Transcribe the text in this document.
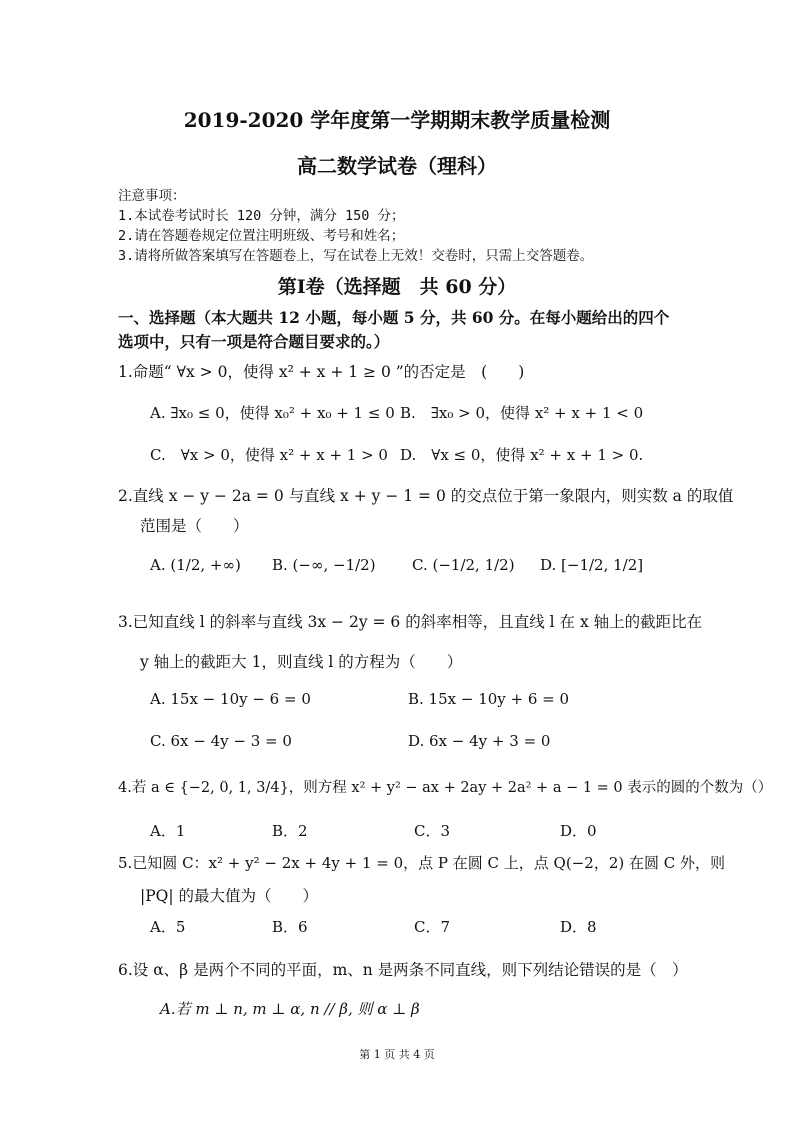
2019-2020 学年度第一学期期末教学质量检测
高二数学试卷（理科）
注意事项：
1.本试卷考试时长 120 分钟，满分 150 分；
2.请在答题卷规定位置注明班级、考号和姓名；
3.请将所做答案填写在答题卷上，写在试卷上无效！交卷时，只需上交答题卷。
第Ⅰ卷（选择题　共 60 分）
一、选择题（本大题共 12 小题，每小题 5 分，共 60 分。在每小题给出的四个
选项中，只有一项是符合题目要求的。）
1.命题“ ∀x > 0，使得 x² + x + 1 ≥ 0 ”的否定是　(　　)
A. ∃x₀ ≤ 0，使得 x₀² + x₀ + 1 ≤ 0 B.　∃x₀ > 0，使得 x² + x + 1 < 0
C.　∀x > 0，使得 x² + x + 1 > 0 D.　∀x ≤ 0，使得 x² + x + 1 > 0.
2.直线 x − y − 2a = 0 与直线 x + y − 1 = 0 的交点位于第一象限内，则实数 a 的取值
范围是（　　）
A. (1/2, +∞) B. (−∞, −1/2) C. (−1/2, 1/2) D. [−1/2, 1/2]
3.已知直线 l 的斜率与直线 3x − 2y = 6 的斜率相等，且直线 l 在 x 轴上的截距比在
y 轴上的截距大 1，则直线 l 的方程为（　　）
A. 15x − 10y − 6 = 0	B. 15x − 10y + 6 = 0
C. 6x − 4y − 3 = 0	D. 6x − 4y + 3 = 0
4.若 a ∈ {−2, 0, 1, 3/4}，则方程 x² + y² − ax + 2ay + 2a² + a − 1 = 0 表示的圆的个数为（）
A．1	B．2	C．3	D．0
5.已知圆 C：x² + y² − 2x + 4y + 1 = 0，点 P 在圆 C 上，点 Q(−2，2) 在圆 C 外，则
|PQ| 的最大值为（　　）
A．5	B．6	C．7	D．8
6.设 α、β 是两个不同的平面，m、n 是两条不同直线，则下列结论错误的是（　）
A.若 m ⊥ n, m ⊥ α, n // β, 则 α ⊥ β
第 1 页 共 4 页
